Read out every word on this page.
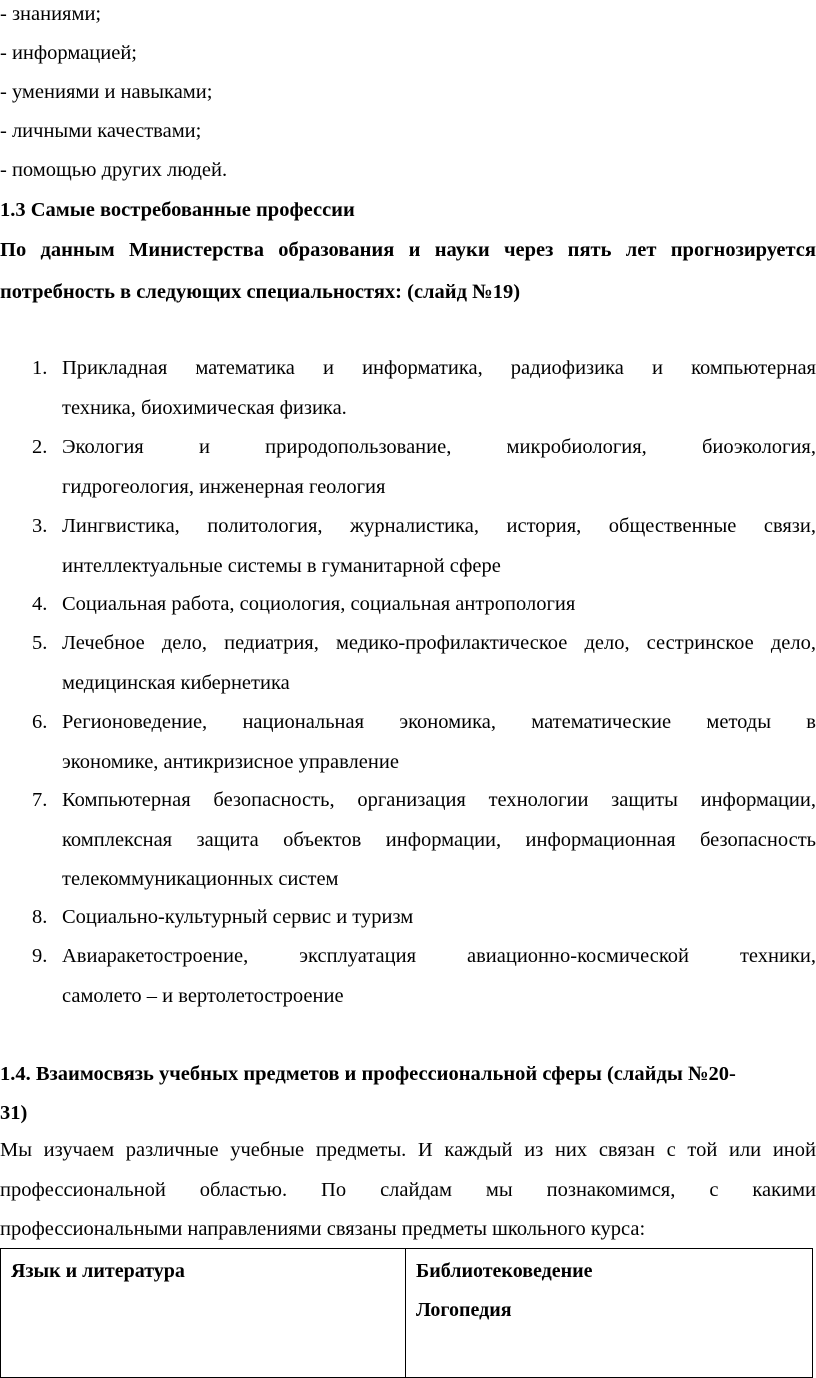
- знаниями;
- информацией;
- умениями и навыками;
- личными качествами;
- помощью других людей.
1.3 Самые востребованные профессии
По данным Министерства образования и науки через пять лет прогнозируется
потребность в следующих специальностях: (слайд №19)
1. Прикладная математика и информатика, радиофизика и компьютерная
техника, биохимическая физика.
2. Экология и природопользование, микробиология, биоэкология,
гидрогеология, инженерная геология
3. Лингвистика, политология, журналистика, история, общественные связи,
интеллектуальные системы в гуманитарной сфере
4. Социальная работа, социология, социальная антропология
5. Лечебное дело, педиатрия, медико-профилактическое дело, сестринское дело,
медицинская кибернетика
6. Регионоведение, национальная экономика, математические методы в
экономике, антикризисное управление
7. Компьютерная безопасность, организация технологии защиты информации,
комплексная защита объектов информации, информационная безопасность
телекоммуникационных систем
8. Социально-культурный сервис и туризм
9. Авиаракетостроение, эксплуатация авиационно-космической техники,
самолето – и вертолетостроение
1.4. Взаимосвязь учебных предметов и профессиональной сферы (слайды №20-
31)
Мы изучаем различные учебные предметы. И каждый из них связан с той или иной
профессиональной областью. По слайдам мы познакомимся, с какими
профессиональными направлениями связаны предметы школьного курса:

Язык и литература	Библиотековедение

Логопедия
